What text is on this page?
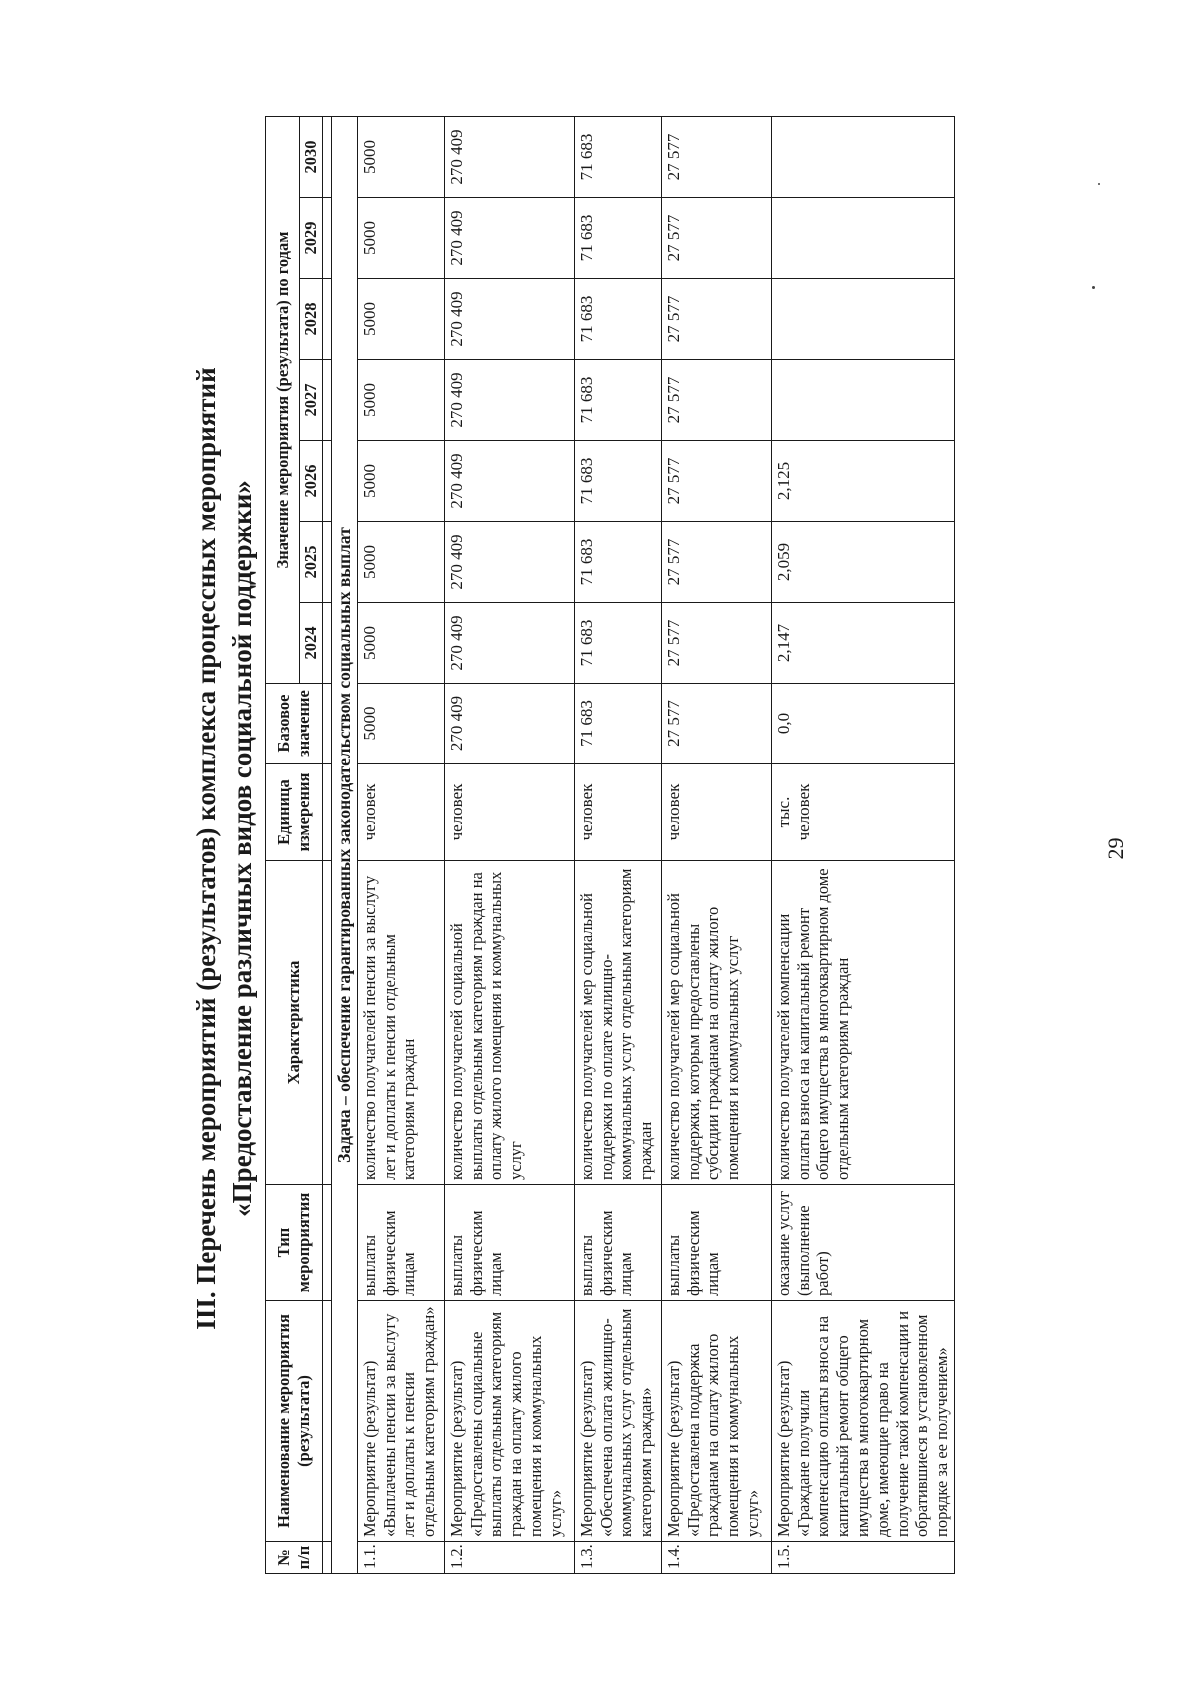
29
III. Перечень мероприятий (результатов) комплекса процессных мероприятий «Предоставление различных видов социальной поддержки»
№ п/п	Наименование мероприятия (результата)	Тип мероприятия	Характеристика	Единица измерения	Базовое значение	Значение мероприятия (результата) по годам						
						2024	2025	2026	2027	2028	2029	2030

Задача – обеспечение гарантированных законодательством социальных выплат												
1.1.	Мероприятие (результат) «Выплачены пенсии за выслугу лет и доплаты к пенсии отдельным категориям граждан»	выплаты физическим лицам	количество получателей пенсии за выслугу лет и доплаты к пенсии отдельным категориям граждан	человек	5000	5000	5000	5000	5000	5000	5000	5000
1.2.	Мероприятие (результат) «Предоставлены социальные выплаты отдельным категориям граждан на оплату жилого помещения и коммунальных услуг»	выплаты физическим лицам	количество получателей социальной выплаты отдельным категориям граждан на оплату жилого помещения и коммунальных услуг	человек	270 409	270 409	270 409	270 409	270 409	270 409	270 409	270 409
1.3.	Мероприятие (результат) «Обеспечена оплата жилищно-коммунальных услуг отдельным категориям граждан»	выплаты физическим лицам	количество получателей мер социальной поддержки по оплате жилищно-коммунальных услуг отдельным категориям граждан	человек	71 683	71 683	71 683	71 683	71 683	71 683	71 683	71 683
1.4.	Мероприятие (результат) «Предоставлена поддержка гражданам на оплату жилого помещения и коммунальных услуг»	выплаты физическим лицам	количество получателей мер социальной поддержки, которым предоставлены субсидии гражданам на оплату жилого помещения и коммунальных услуг	человек	27 577	27 577	27 577	27 577	27 577	27 577	27 577	27 577
1.5.	Мероприятие (результат) «Граждане получили компенсацию оплаты взноса на капитальный ремонт общего имущества в многоквартирном доме, имеющие право на получение такой компенсации и обратившиеся в установленном порядке за ее получением»	оказание услуг (выполнение работ)	количество получателей компенсации оплаты взноса на капитальный ремонт общего имущества в многоквартирном доме отдельным категориям граждан	тыс. человек	0,0	2,147	2,059	2,125				
